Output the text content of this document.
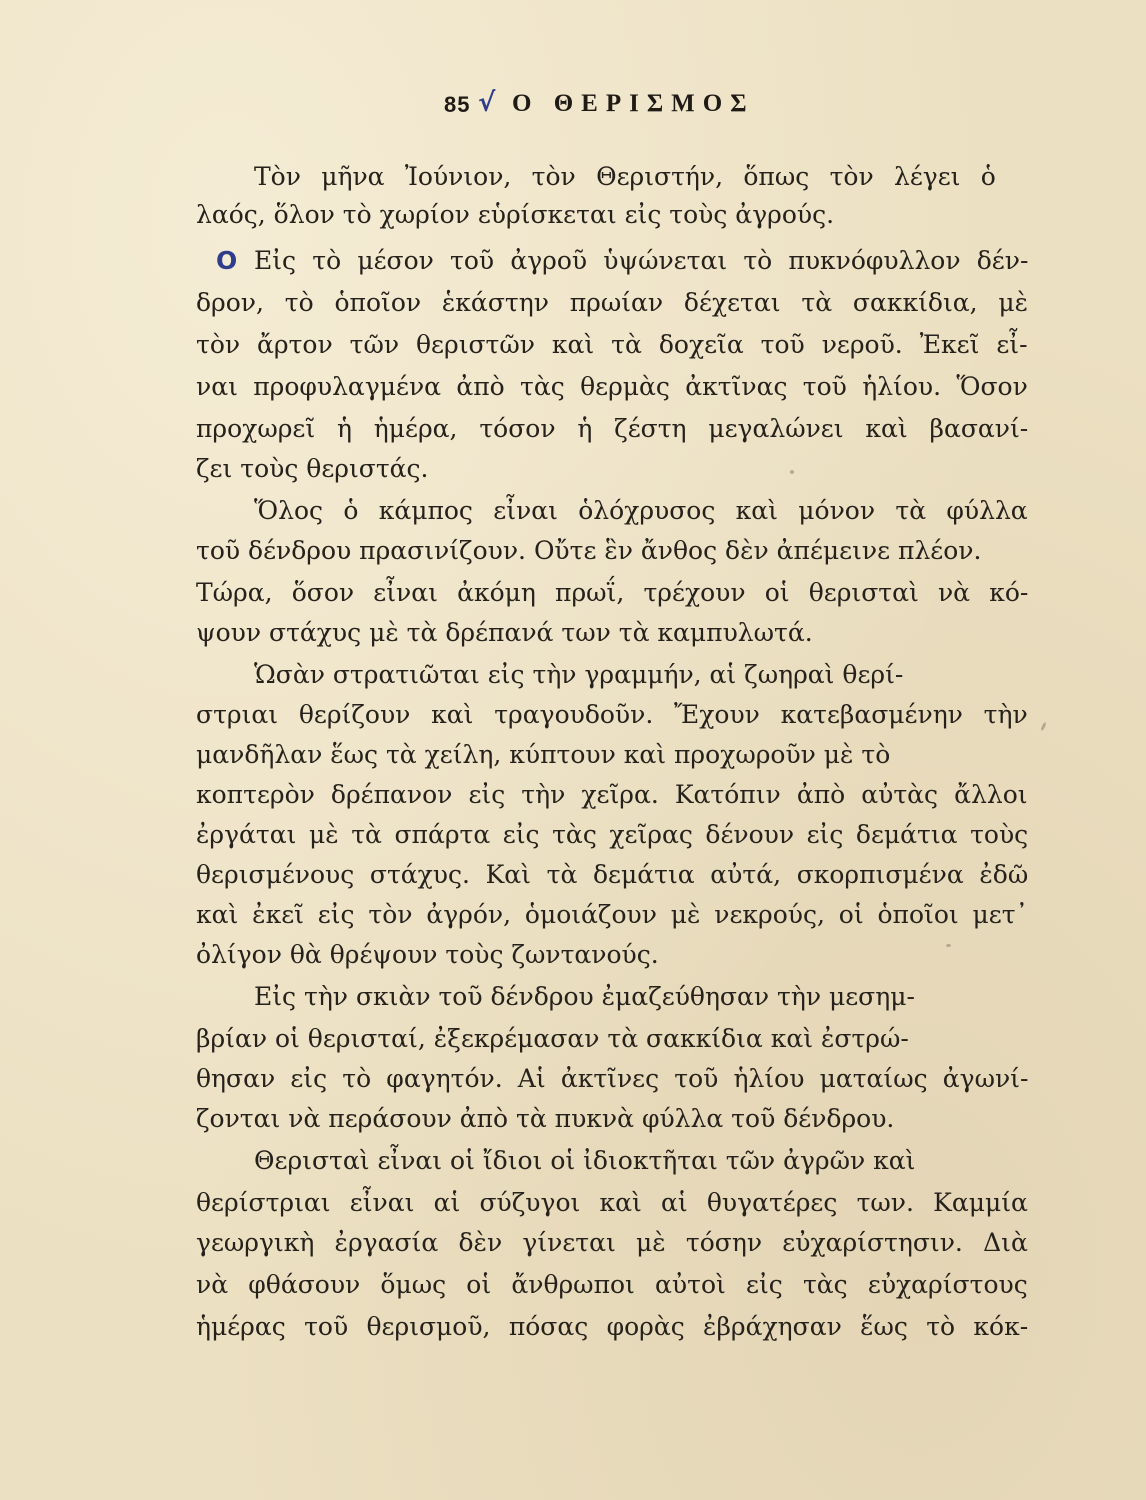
85 √ Ο ΘΕΡΙΣΜΟΣ
Τὸν μῆνα Ἰούνιον, τὸν Θεριστήν, ὅπως τὸν λέγει ὁ
λαός, ὅλον τὸ χωρίον εὑρίσκεται εἰς τοὺς ἀγρούς.
O Εἰς τὸ μέσον τοῦ ἀγροῦ ὑψώνεται τὸ πυκνόφυλλον δέν-
δρον, τὸ ὁποῖον ἑκάστην πρωίαν δέχεται τὰ σακκίδια, μὲ
τὸν ἄρτον τῶν θεριστῶν καὶ τὰ δοχεῖα τοῦ νεροῦ. Ἐκεῖ εἶ-
ναι προφυλαγμένα ἀπὸ τὰς θερμὰς ἀκτῖνας τοῦ ἡλίου. Ὅσον
προχωρεῖ ἡ ἡμέρα, τόσον ἡ ζέστη μεγαλώνει καὶ βασανί-
ζει τοὺς θεριστάς.
Ὅλος ὁ κάμπος εἶναι ὁλόχρυσος καὶ μόνον τὰ φύλλα
τοῦ δένδρου πρασινίζουν. Οὔτε ἓν ἄνθος δὲν ἀπέμεινε πλέον.
Τώρα, ὅσον εἶναι ἀκόμη πρωΐ, τρέχουν οἱ θερισταὶ νὰ κό-
ψουν στάχυς μὲ τὰ δρέπανά των τὰ καμπυλωτά.
Ὡσὰν στρατιῶται εἰς τὴν γραμμήν, αἱ ζωηραὶ θερί-
στριαι θερίζουν καὶ τραγουδοῦν. Ἔχουν κατεβασμένην τὴν
μανδῆλαν ἕως τὰ χείλη, κύπτουν καὶ προχωροῦν μὲ τὸ
κοπτερὸν δρέπανον εἰς τὴν χεῖρα. Κατόπιν ἀπὸ αὐτὰς ἄλλοι
ἐργάται μὲ τὰ σπάρτα εἰς τὰς χεῖρας δένουν εἰς δεμάτια τοὺς
θερισμένους στάχυς. Καὶ τὰ δεμάτια αὐτά, σκορπισμένα ἐδῶ
καὶ ἐκεῖ εἰς τὸν ἀγρόν, ὁμοιάζουν μὲ νεκρούς, οἱ ὁποῖοι μετ᾿
ὀλίγον θὰ θρέψουν τοὺς ζωντανούς.
Εἰς τὴν σκιὰν τοῦ δένδρου ἐμαζεύθησαν τὴν μεσημ-
βρίαν οἱ θερισταί, ἐξεκρέμασαν τὰ σακκίδια καὶ ἐστρώ-
θησαν εἰς τὸ φαγητόν. Αἱ ἀκτῖνες τοῦ ἡλίου ματαίως ἀγωνί-
ζονται νὰ περάσουν ἀπὸ τὰ πυκνὰ φύλλα τοῦ δένδρου.
Θερισταὶ εἶναι οἱ ἴδιοι οἱ ἰδιοκτῆται τῶν ἀγρῶν καὶ
θερίστριαι εἶναι αἱ σύζυγοι καὶ αἱ θυγατέρες των. Καμμία
γεωργικὴ ἐργασία δὲν γίνεται μὲ τόσην εὐχαρίστησιν. Διὰ
νὰ φθάσουν ὅμως οἱ ἄνθρωποι αὐτοὶ εἰς τὰς εὐχαρίστους
ἡμέρας τοῦ θερισμοῦ, πόσας φορὰς ἐβράχησαν ἕως τὸ κόκ-
